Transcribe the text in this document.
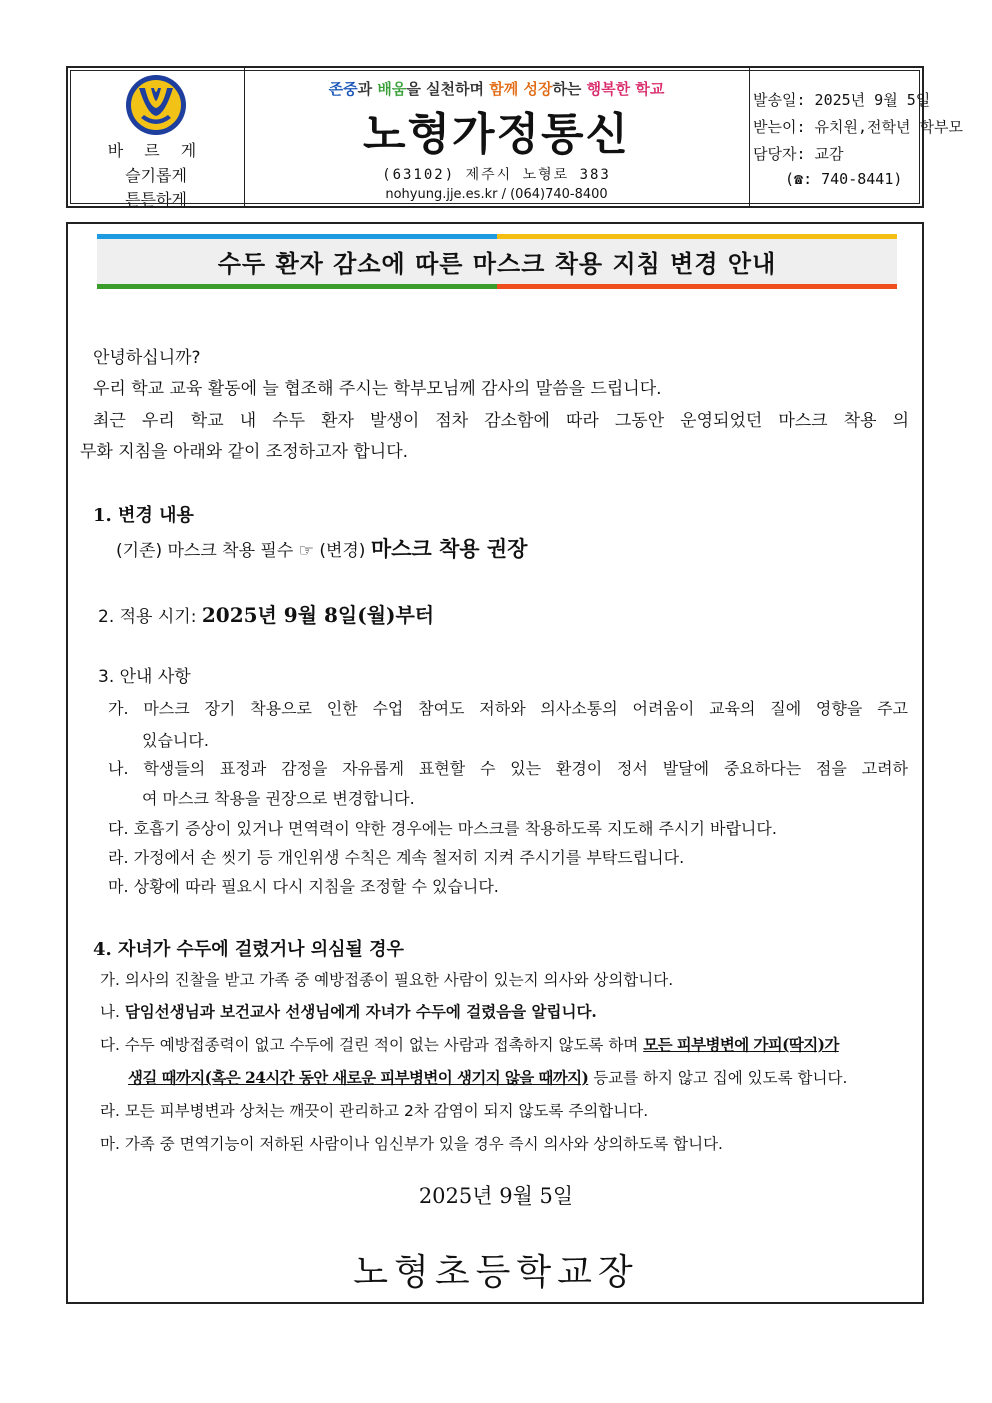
바 르 게
슬기롭게
튼튼하게
존중과 배움을 실천하며 함께 성장하는 행복한 학교
노형가정통신
(63102) 제주시 노형로 383
nohyung.jje.es.kr / (064)740-8400
발송일: 2025년 9월 5일
받는이: 유치원,전학년 학부모
담당자: 교감
(☎: 740-8441)
수두 환자 감소에 따른 마스크 착용 지침 변경 안내
안녕하십니까?
우리 학교 교육 활동에 늘 협조해 주시는 학부모님께 감사의 말씀을 드립니다.
최근 우리 학교 내 수두 환자 발생이 점차 감소함에 따라 그동안 운영되었던 마스크 착용 의
무화 지침을 아래와 같이 조정하고자 합니다.
1. 변경 내용
(기존) 마스크 착용 필수 ☞ (변경) 마스크 착용 권장
2. 적용 시기: 2025년 9월 8일(월)부터
3. 안내 사항
가. 마스크 장기 착용으로 인한 수업 참여도 저하와 의사소통의 어려움이 교육의 질에 영향을 주고
있습니다.
나. 학생들의 표정과 감정을 자유롭게 표현할 수 있는 환경이 정서 발달에 중요하다는 점을 고려하
여 마스크 착용을 권장으로 변경합니다.
다. 호흡기 증상이 있거나 면역력이 약한 경우에는 마스크를 착용하도록 지도해 주시기 바랍니다.
라. 가정에서 손 씻기 등 개인위생 수칙은 계속 철저히 지켜 주시기를 부탁드립니다.
마. 상황에 따라 필요시 다시 지침을 조정할 수 있습니다.
4. 자녀가 수두에 걸렸거나 의심될 경우
가. 의사의 진찰을 받고 가족 중 예방접종이 필요한 사람이 있는지 의사와 상의합니다.
나. 담임선생님과 보건교사 선생님에게 자녀가 수두에 걸렸음을 알립니다.
다. 수두 예방접종력이 없고 수두에 걸린 적이 없는 사람과 접촉하지 않도록 하며 모든 피부병변에 가피(딱지)가
생길 때까지(혹은 24시간 동안 새로운 피부병변이 생기지 않을 때까지) 등교를 하지 않고 집에 있도록 합니다.
라. 모든 피부병변과 상처는 깨끗이 관리하고 2차 감염이 되지 않도록 주의합니다.
마. 가족 중 면역기능이 저하된 사람이나 임신부가 있을 경우 즉시 의사와 상의하도록 합니다.
2025년 9월 5일
노형초등학교장
